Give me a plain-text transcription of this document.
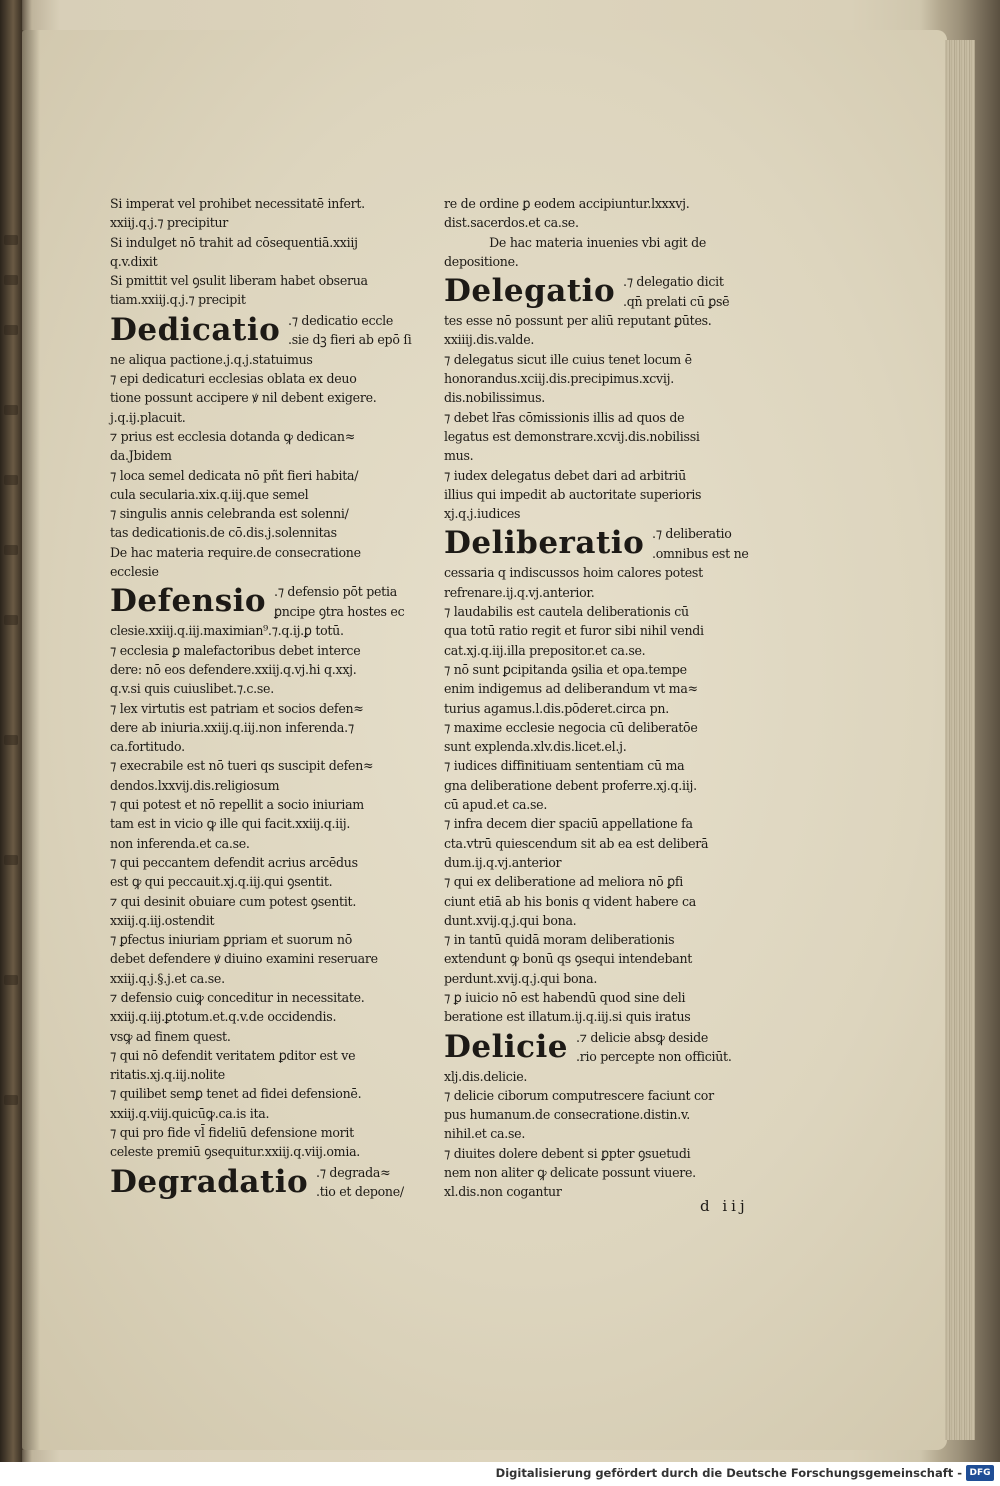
Si imperat vel prohibet necessitatē infert.
xxiij.q.j.⁊ precipitur
Si indulget nō trahit ad cōsequentiā.xxiij
q.v.dixit
Si pmittit vel ꝯsulit liberam habet obserua
tiam.xxiij.q.j.⁊ precipit
Dedicatio .⁊ dedicatio eccle
.sie dꝫ fieri ab epō ſi
ne aliqua pactione.j.q.j.statuimus
⁊ epi dedicaturi ecclesias oblata ex deuo
tione possunt accipere ꝟ nil debent exigere.
j.q.ij.placuit.
⁊ prius est ecclesia dotanda ꝙ dedican≈
da.Jbidem
⁊ loca semel dedicata nō pñt fieri habita/
cula secularia.xix.q.iij.que semel
⁊ singulis annis celebranda est solenni/
tas dedicationis.de cō.dis.j.solennitas
De hac materia require.de consecratione
ecclesie
Defensio .⁊ defensio pōt petia
ꝑncipe ꝯtra hostes ec
clesie.xxiij.q.iij.maximian⁹.⁊.q.ij.ꝑ totū.
⁊ ecclesia ꝑ malefactoribus debet interce
dere: nō eos defendere.xxiij.q.vj.hi q.xxj.
q.v.si quis cuiuslibet.⁊.c.se.
⁊ lex virtutis est patriam et socios defen≈
dere ab iniuria.xxiij.q.iij.non inferenda.⁊
ca.fortitudo.
⁊ execrabile est nō tueri qs suscipit defen≈
dendos.lxxvij.dis.religiosum
⁊ qui potest et nō repellit a socio iniuriam
tam est in vicio ꝙ ille qui facit.xxiij.q.iij.
non inferenda.et ca.se.
⁊ qui peccantem defendit acrius arcēdus
est ꝙ qui peccauit.xj.q.iij.qui ꝯsentit.
⁊ qui desinit obuiare cum potest ꝯsentit.
xxiij.q.iij.ostendit
⁊ ꝑfectus iniuriam ꝑpriam et suorum nō
debet defendere ꝟ diuino examini reseruare
xxiij.q.j.§.j.et ca.se.
⁊ defensio cuiꝙ conceditur in necessitate.
xxiij.q.iij.ꝑtotum.et.q.v.de occidendis.
vsꝙ ad finem quest.
⁊ qui nō defendit veritatem ꝑditor est ve
ritatis.xj.q.iij.nolite
⁊ quilibet semꝑ tenet ad fidei defensionē.
xxiij.q.viij.quicūꝙ.ca.is ita.
⁊ qui pro fide vl̄ fideliū defensione morit
celeste premiū ꝯsequitur.xxiij.q.viij.omia.
Degradatio .⁊ degrada≈
.tio et depone/
re de ordine ꝑ eodem accipiuntur.lxxxvj.
dist.sacerdos.et ca.se.
De hac materia inuenies vbi agit de
depositione.
Delegatio .⁊ delegatio dicit
.qn̄ prelati cū ꝑsē
tes esse nō possunt per aliū reputant ꝑūtes.
xxiiij.dis.valde.
⁊ delegatus sicut ille cuius tenet locum ē
honorandus.xciij.dis.precipimus.xcvij.
dis.nobilissimus.
⁊ debet lr̄as cōmissionis illis ad quos de
legatus est demonstrare.xcvij.dis.nobilissi
mus.
⁊ iudex delegatus debet dari ad arbitriū
illius qui impedit ab auctoritate superioris
xj.q.j.iudices
Deliberatio .⁊ deliberatio
.omnibus est ne
cessaria q indiscussos hoim calores potest
refrenare.ij.q.vj.anterior.
⁊ laudabilis est cautela deliberationis cū
qua totū ratio regit et furor sibi nihil vendi
cat.xj.q.iij.illa prepositor.et ca.se.
⁊ nō sunt ꝑcipitanda ꝯsilia et opa.tempe
enim indigemus ad deliberandum vt ma≈
turius agamus.l.dis.pōderet.circa pn.
⁊ maxime ecclesie negocia cū deliberatōe
sunt explenda.xlv.dis.licet.el.j.
⁊ iudices diffinitiuam sententiam cū ma
gna deliberatione debent proferre.xj.q.iij.
cū apud.et ca.se.
⁊ infra decem dier spaciū appellatione fa
cta.vtrū quiescendum sit ab ea est deliberā
dum.ij.q.vj.anterior
⁊ qui ex deliberatione ad meliora nō ꝑfi
ciunt etiā ab his bonis q vident habere ca
dunt.xvij.q.j.qui bona.
⁊ in tantū quidā moram deliberationis
extendunt ꝙ bonū qs ꝯsequi intendebant
perdunt.xvij.q.j.qui bona.
⁊ ꝑ iuicio nō est habendū quod sine deli
beratione est illatum.ij.q.iij.si quis iratus
Delicie .⁊ delicie absꝙ deside
.rio percepte non officiūt.
xlj.dis.delicie.
⁊ delicie ciborum computrescere faciunt cor
pus humanum.de consecratione.distin.v.
nihil.et ca.se.
⁊ diuites dolere debent si ꝑpter ꝯsuetudi
nem non aliter ꝙ delicate possunt viuere.
xl.dis.non cogantur
d iij
Digitalisierung gefördert durch die Deutsche Forschungsgemeinschaft - DFG
